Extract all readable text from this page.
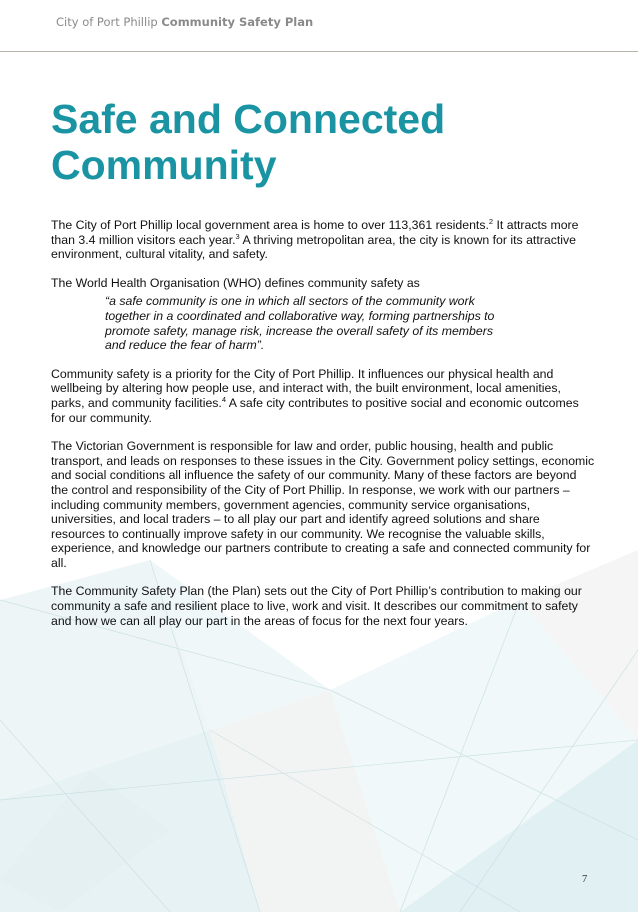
City of Port Phillip Community Safety Plan
Safe and Connected
Community

The City of Port Phillip local government area is home to over 113,361 residents.$^2$ It attracts more than 3.4 million visitors each year.$^3$ A thriving metropolitan area, the city is known for its attractive environment, cultural vitality, and safety.

The World Health Organisation (WHO) defines community safety as

“a safe community is one in which all sectors of the community work together in a coordinated and collaborative way, forming partnerships to promote safety, manage risk, increase the overall safety of its members and reduce the fear of harm”.

Community safety is a priority for the City of Port Phillip. It influences our physical health and wellbeing by altering how people use, and interact with, the built environment, local amenities, parks, and community facilities.$^4$ A safe city contributes to positive social and economic outcomes for our community.

The Victorian Government is responsible for law and order, public housing, health and public transport, and leads on responses to these issues in the City. Government policy settings, economic and social conditions all influence the safety of our community. Many of these factors are beyond the control and responsibility of the City of Port Phillip. In response, we work with our partners – including community members, government agencies, community service organisations, universities, and local traders – to all play our part and identify agreed solutions and share resources to continually improve safety in our community. We recognise the valuable skills, experience, and knowledge our partners contribute to creating a safe and connected community for all.

The Community Safety Plan (the Plan) sets out the City of Port Phillip’s contribution to making our community a safe and resilient place to live, work and visit. It describes our commitment to safety and how we can all play our part in the areas of focus for the next four years.

7
